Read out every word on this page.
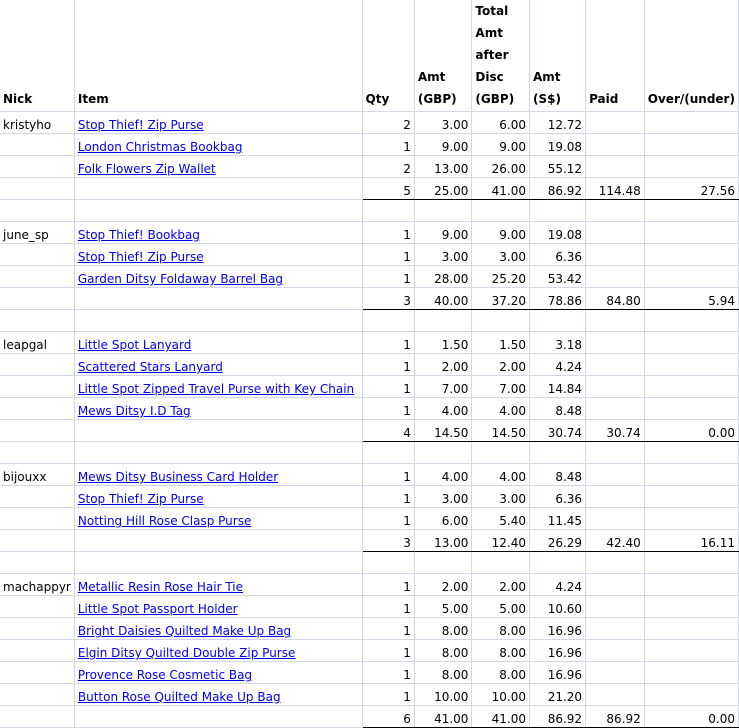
Nick	Item	Qty	Amt (GBP)	Total Amt after Disc (GBP)	Amt (S$)	Paid	Over/(under)
kristyho	Stop Thief! Zip Purse	2	3.00	6.00	12.72		
	London Christmas Bookbag	1	9.00	9.00	19.08		
	Folk Flowers Zip Wallet	2	13.00	26.00	55.12		
		5	25.00	41.00	86.92	114.48	27.56

june_sp	Stop Thief! Bookbag	1	9.00	9.00	19.08		
	Stop Thief! Zip Purse	1	3.00	3.00	6.36		
	Garden Ditsy Foldaway Barrel Bag	1	28.00	25.20	53.42		
		3	40.00	37.20	78.86	84.80	5.94

leapgal	Little Spot Lanyard	1	1.50	1.50	3.18		
	Scattered Stars Lanyard	1	2.00	2.00	4.24		
	Little Spot Zipped Travel Purse with Key Chain	1	7.00	7.00	14.84		
	Mews Ditsy I.D Tag	1	4.00	4.00	8.48		
		4	14.50	14.50	30.74	30.74	0.00

bijouxx	Mews Ditsy Business Card Holder	1	4.00	4.00	8.48		
	Stop Thief! Zip Purse	1	3.00	3.00	6.36		
	Notting Hill Rose Clasp Purse	1	6.00	5.40	11.45		
		3	13.00	12.40	26.29	42.40	16.11

machappyr	Metallic Resin Rose Hair Tie	1	2.00	2.00	4.24		
	Little Spot Passport Holder	1	5.00	5.00	10.60		
	Bright Daisies Quilted Make Up Bag	1	8.00	8.00	16.96		
	Elgin Ditsy Quilted Double Zip Purse	1	8.00	8.00	16.96		
	Provence Rose Cosmetic Bag	1	8.00	8.00	16.96		
	Button Rose Quilted Make Up Bag	1	10.00	10.00	21.20		
		6	41.00	41.00	86.92	86.92	0.00
